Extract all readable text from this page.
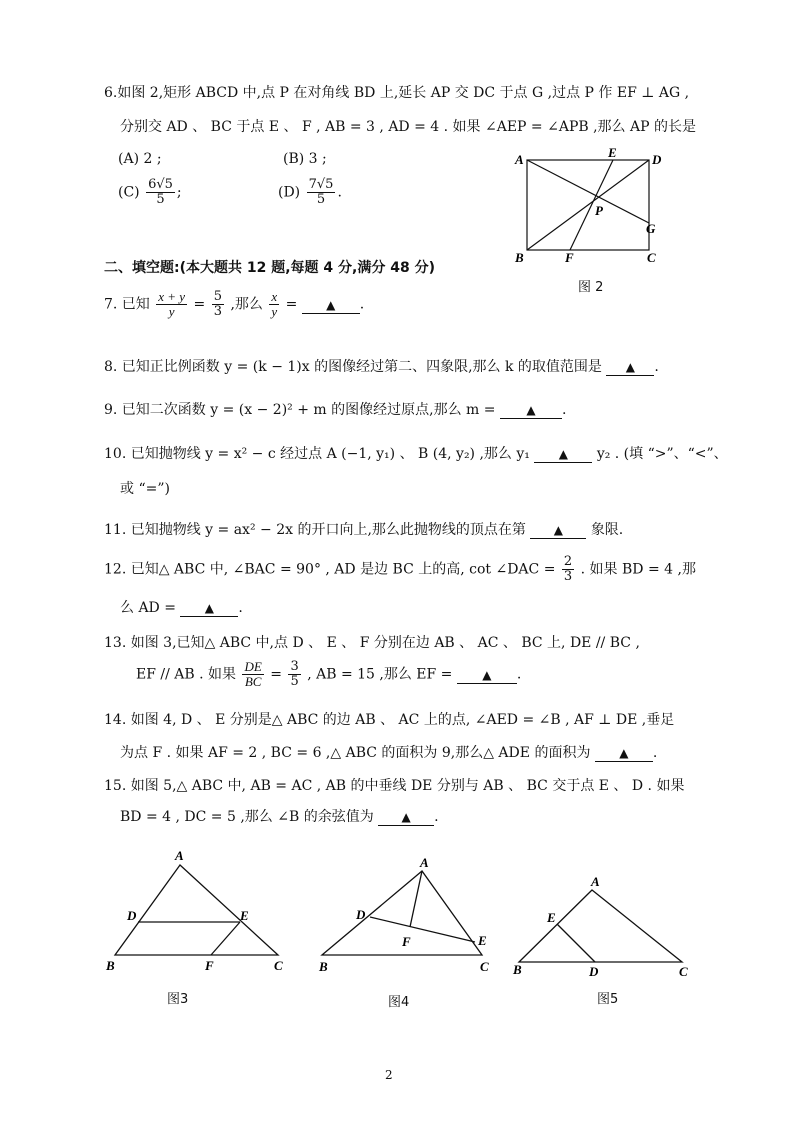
6.如图 2,矩形 ABCD 中,点 P 在对角线 BD 上,延长 AP 交 DC 于点 G ,过点 P 作 EF ⊥ AG ,
分别交 AD 、 BC 于点 E 、 F , AB = 3 , AD = 4 . 如果 ∠AEP = ∠APB ,那么 AP 的长是
(A) 2 ;	(B) 3 ;
$(C) \frac{6√5}{5}$ ;	$(D) \frac{7√5}{5}$ .
A	E	D
P
G
B	F	C
图 2
二、填空题:(本大题共 12 题,每题 4 分,满分 48 分)
7. 已知 $\frac{x + y}{y} = \frac{5}{3}$ ,那么 $\frac{x}{y}$ = ▲ .
8. 已知正比例函数 y = (k − 1)x 的图像经过第二、四象限,那么 k 的取值范围是 ▲ .
9. 已知二次函数 y = (x − 2)² + m 的图像经过原点,那么 m =	▲ .
10. 已知抛物线 y = x² − c 经过点 A (−1, y₁) 、 B (4, y₂) ,那么 y₁ ▲ y₂ . (填 “>”、“<”、
或 “=”)
11. 已知抛物线 y = ax² − 2x 的开口向上,那么此抛物线的顶点在第 ▲ 象限.
12. 已知△ ABC 中, ∠BAC = 90° , AD 是边 BC 上的高, cot ∠DAC = $\frac{2}{3}$ . 如果 BD = 4 ,那
么 AD = ▲ .
13. 如图 3,已知△ ABC 中,点 D 、 E 、 F 分别在边 AB 、 AC 、 BC 上, DE // BC ,
EF // AB . 如果 $\frac{DE}{BC} = \frac{3}{5}$ , AB = 15 ,那么 EF = ▲ .
14. 如图 4, D 、 E 分别是△ ABC 的边 AB 、 AC 上的点, ∠AED = ∠B , AF ⊥ DE ,垂足
为点 F . 如果 AF = 2 , BC = 6 ,△ ABC 的面积为 9,那么△ ADE 的面积为 ▲ .
15. 如图 5,△ ABC 中, AB = AC , AB 的中垂线 DE 分别与 AB 、 BC 交于点 E 、 D . 如果
BD = 4 , DC = 5 ,那么 ∠B 的余弦值为 ▲ .
A
D	E
B	F	C
图3
A
D
F	E
B	C
图4
A
E
B	D	C
图5
2
